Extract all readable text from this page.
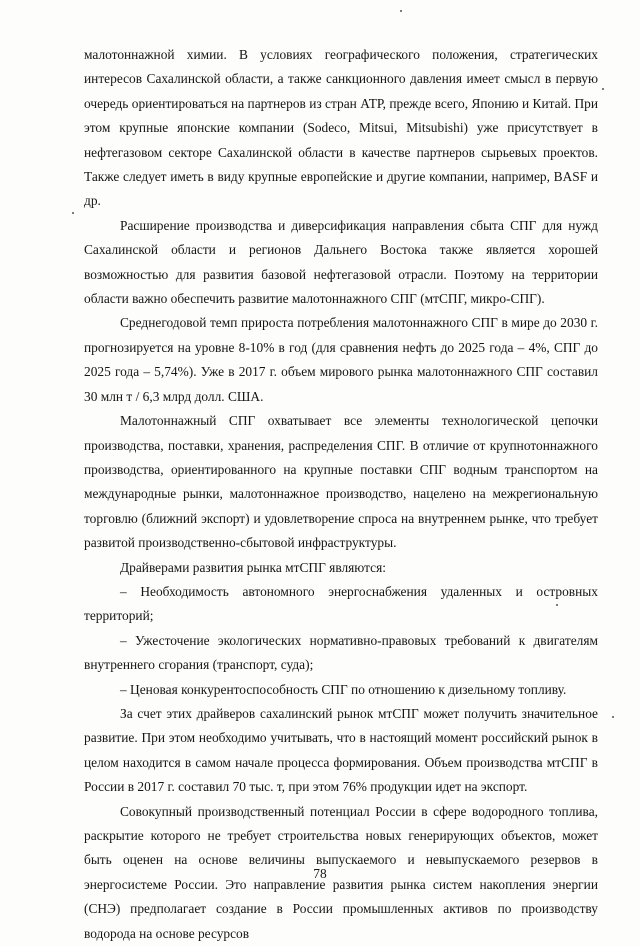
малотоннажной химии. В условиях географического положения, стратегических интересов Сахалинской области, а также санкционного давления имеет смысл в первую очередь ориентироваться на партнеров из стран АТР, прежде всего, Японию и Китай. При этом крупные японские компании (Sodeco, Mitsui, Mitsubishi) уже присутствует в нефтегазовом секторе Сахалинской области в качестве партнеров сырьевых проектов. Также следует иметь в виду крупные европейские и другие компании, например, BASF и др.

Расширение производства и диверсификация направления сбыта СПГ для нужд Сахалинской области и регионов Дальнего Востока также является хорошей возможностью для развития базовой нефтегазовой отрасли. Поэтому на территории области важно обеспечить развитие малотоннажного СПГ (мтСПГ, микро-СПГ).

Среднегодовой темп прироста потребления малотоннажного СПГ в мире до 2030 г. прогнозируется на уровне 8-10% в год (для сравнения нефть до 2025 года – 4%, СПГ до 2025 года – 5,74%). Уже в 2017 г. объем мирового рынка малотоннажного СПГ составил 30 млн т / 6,3 млрд долл. США.

Малотоннажный СПГ охватывает все элементы технологической цепочки производства, поставки, хранения, распределения СПГ. В отличие от крупнотоннажного производства, ориентированного на крупные поставки СПГ водным транспортом на международные рынки, малотоннажное производство, нацелено на межрегиональную торговлю (ближний экспорт) и удовлетворение спроса на внутреннем рынке, что требует развитой производственно-сбытовой инфраструктуры.

Драйверами развития рынка мтСПГ являются:

– Необходимость автономного энергоснабжения удаленных и островных территорий;

– Ужесточение экологических нормативно-правовых требований к двигателям внутреннего сгорания (транспорт, суда);

– Ценовая конкурентоспособность СПГ по отношению к дизельному топливу.

За счет этих драйверов сахалинский рынок мтСПГ может получить значительное развитие. При этом необходимо учитывать, что в настоящий момент российский рынок в целом находится в самом начале процесса формирования. Объем производства мтСПГ в России в 2017 г. составил 70 тыс. т, при этом 76% продукции идет на экспорт.

Совокупный производственный потенциал России в сфере водородного топлива, раскрытие которого не требует строительства новых генерирующих объектов, может быть оценен на основе величины выпускаемого и невыпускаемого резервов в энергосистеме России. Это направление развития рынка систем накопления энергии (СНЭ) предполагает создание в России промышленных активов по производству водорода на основе ресурсов

78
